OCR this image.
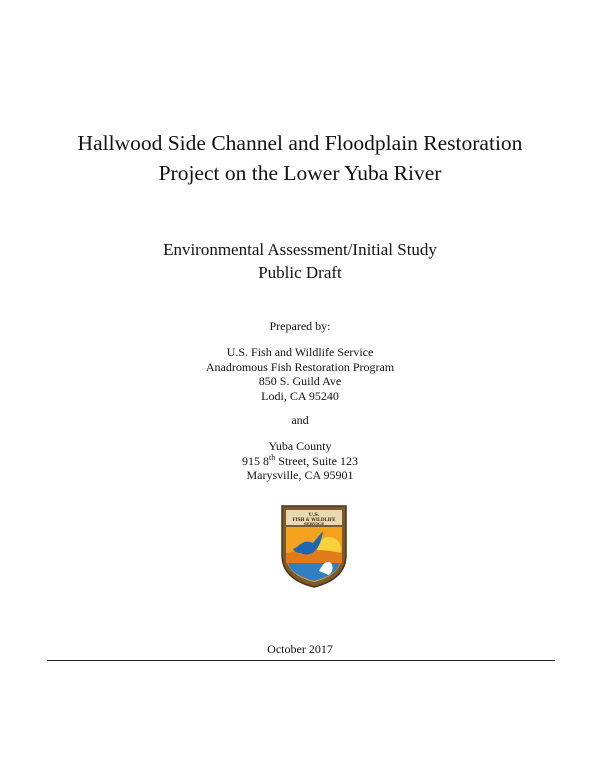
Hallwood Side Channel and Floodplain Restoration
Project on the Lower Yuba River
Environmental Assessment/Initial Study
Public Draft
Prepared by:
U.S. Fish and Wildlife Service
Anadromous Fish Restoration Program
850 S. Guild Ave
Lodi, CA 95240
and
Yuba County
915 8th Street, Suite 123
Marysville, CA 95901
U.S.
FISH & WILDLIFE
SERVICE
October 2017
